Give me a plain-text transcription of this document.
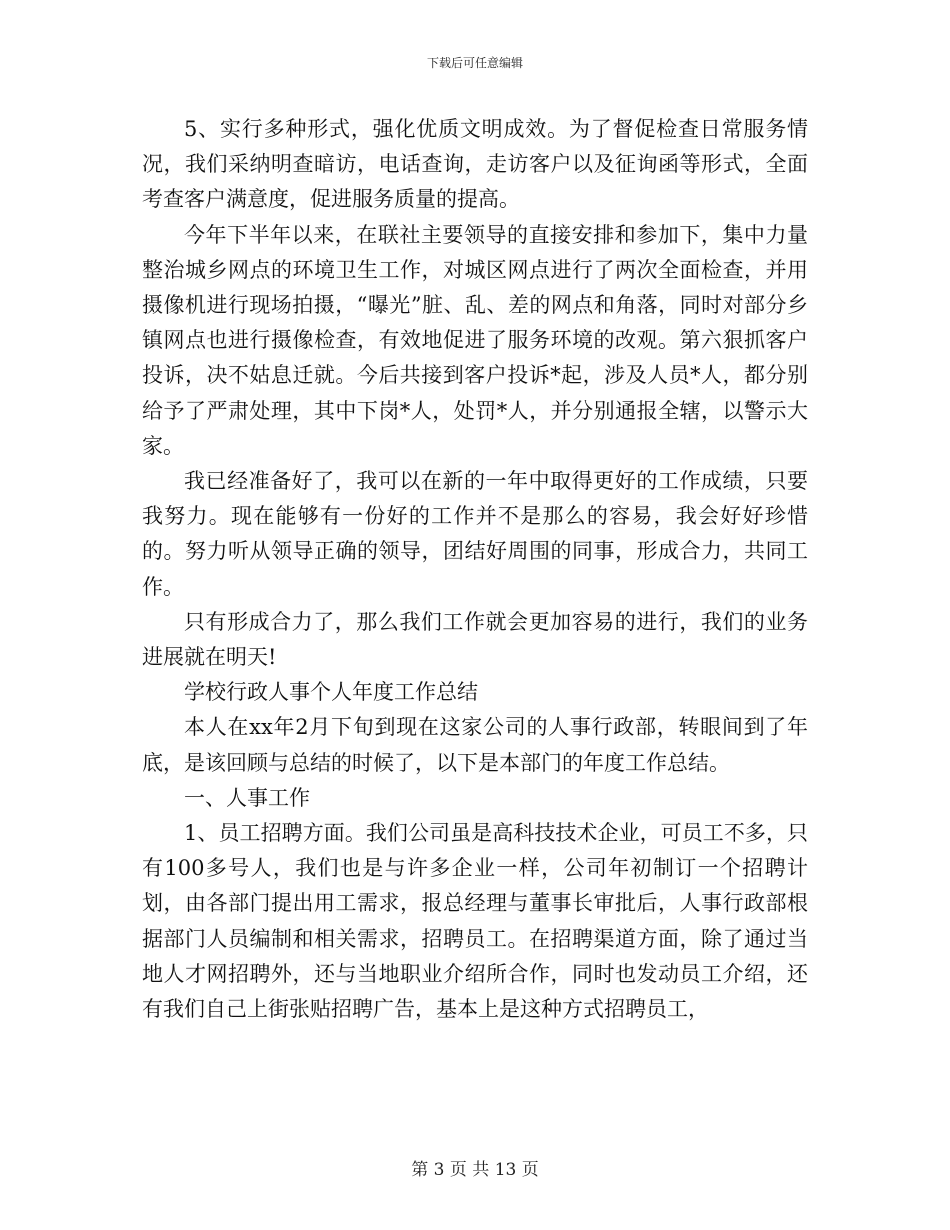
下载后可任意编辑

5、实行多种形式，强化优质文明成效。为了督促检查日常服务情况，我们采纳明查暗访，电话查询，走访客户以及征询函等形式，全面考查客户满意度，促进服务质量的提高。

今年下半年以来，在联社主要领导的直接安排和参加下，集中力量整治城乡网点的环境卫生工作，对城区网点进行了两次全面检查，并用摄像机进行现场拍摄，“曝光”脏、乱、差的网点和角落，同时对部分乡镇网点也进行摄像检查，有效地促进了服务环境的改观。第六狠抓客户投诉，决不姑息迁就。今后共接到客户投诉*起，涉及人员*人，都分别给予了严肃处理，其中下岗*人，处罚*人，并分别通报全辖，以警示大家。

我已经准备好了，我可以在新的一年中取得更好的工作成绩，只要我努力。现在能够有一份好的工作并不是那么的容易，我会好好珍惜的。努力听从领导正确的领导，团结好周围的同事，形成合力，共同工作。

只有形成合力了，那么我们工作就会更加容易的进行，我们的业务进展就在明天!

学校行政人事个人年度工作总结

本人在xx年2月下旬到现在这家公司的人事行政部，转眼间到了年底，是该回顾与总结的时候了，以下是本部门的年度工作总结。

一、人事工作

1、员工招聘方面。我们公司虽是高科技技术企业，可员工不多，只有100多号人，我们也是与许多企业一样，公司年初制订一个招聘计划，由各部门提出用工需求，报总经理与董事长审批后，人事行政部根据部门人员编制和相关需求，招聘员工。在招聘渠道方面，除了通过当地人才网招聘外，还与当地职业介绍所合作，同时也发动员工介绍，还有我们自己上街张贴招聘广告，基本上是这种方式招聘员工，

第 3 页 共 13 页
